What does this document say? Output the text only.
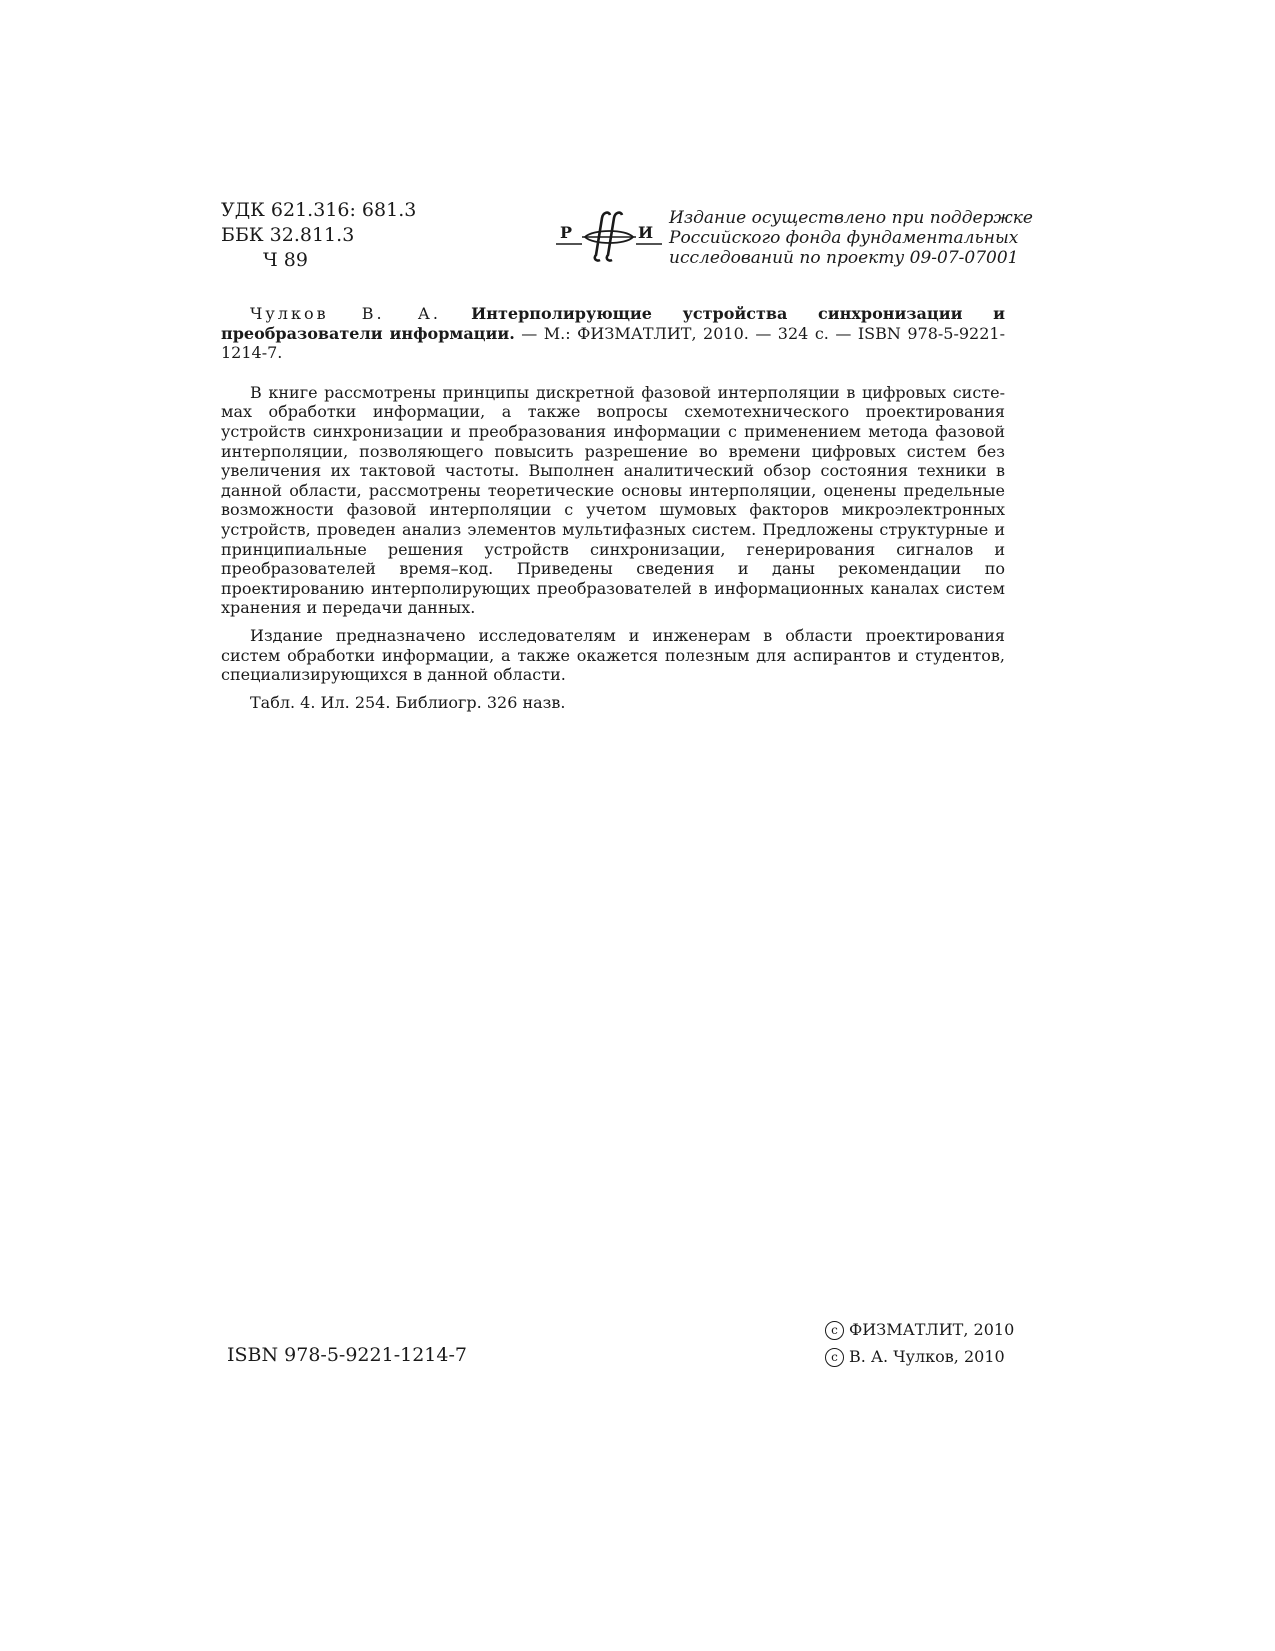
УДК 621.316: 681.3
ББК 32.811.3
Ч 89
Р	И
Издание осуществлено при поддержке
Российского фонда фундаментальных
исследований по проекту 09-07-07001

Чулков В. А. Интерполирующие устройства синхронизации и преобразователи информации. — М.: ФИЗМАТЛИТ, 2010. — 324 с. — ISBN 978-5-9221-1214-7.

В книге рассмотрены принципы дискретной фазовой интерполяции в цифровых системах обработки информации, а также вопросы схемотехнического проектирования устройств синхронизации и преобразования информации с применением метода фазовой интерполяции, позволяющего повысить разрешение во времени цифровых систем без увеличения их тактовой частоты. Выполнен аналитический обзор состояния техники в данной области, рассмотрены теоретические основы интерполяции, оценены предельные возможности фазовой интерполяции с учетом шумовых факторов микроэлектронных устройств, проведен анализ элементов мультифазных систем. Предложены структурные и принципиальные решения устройств синхронизации, генерирования сигналов и преобразователей время–код. Приведены сведения и даны рекомендации по проектированию интерполирующих преобразователей в информационных каналах систем хранения и передачи данных.

Издание предназначено исследователям и инженерам в области проектирования систем обработки информации, а также окажется полезным для аспирантов и студентов, специализирующихся в данной области.

Табл. 4. Ил. 254. Библиогр. 326 назв.

ISBN 978-5-9221-1214-7
c ФИЗМАТЛИТ, 2010
c В. А. Чулков, 2010
